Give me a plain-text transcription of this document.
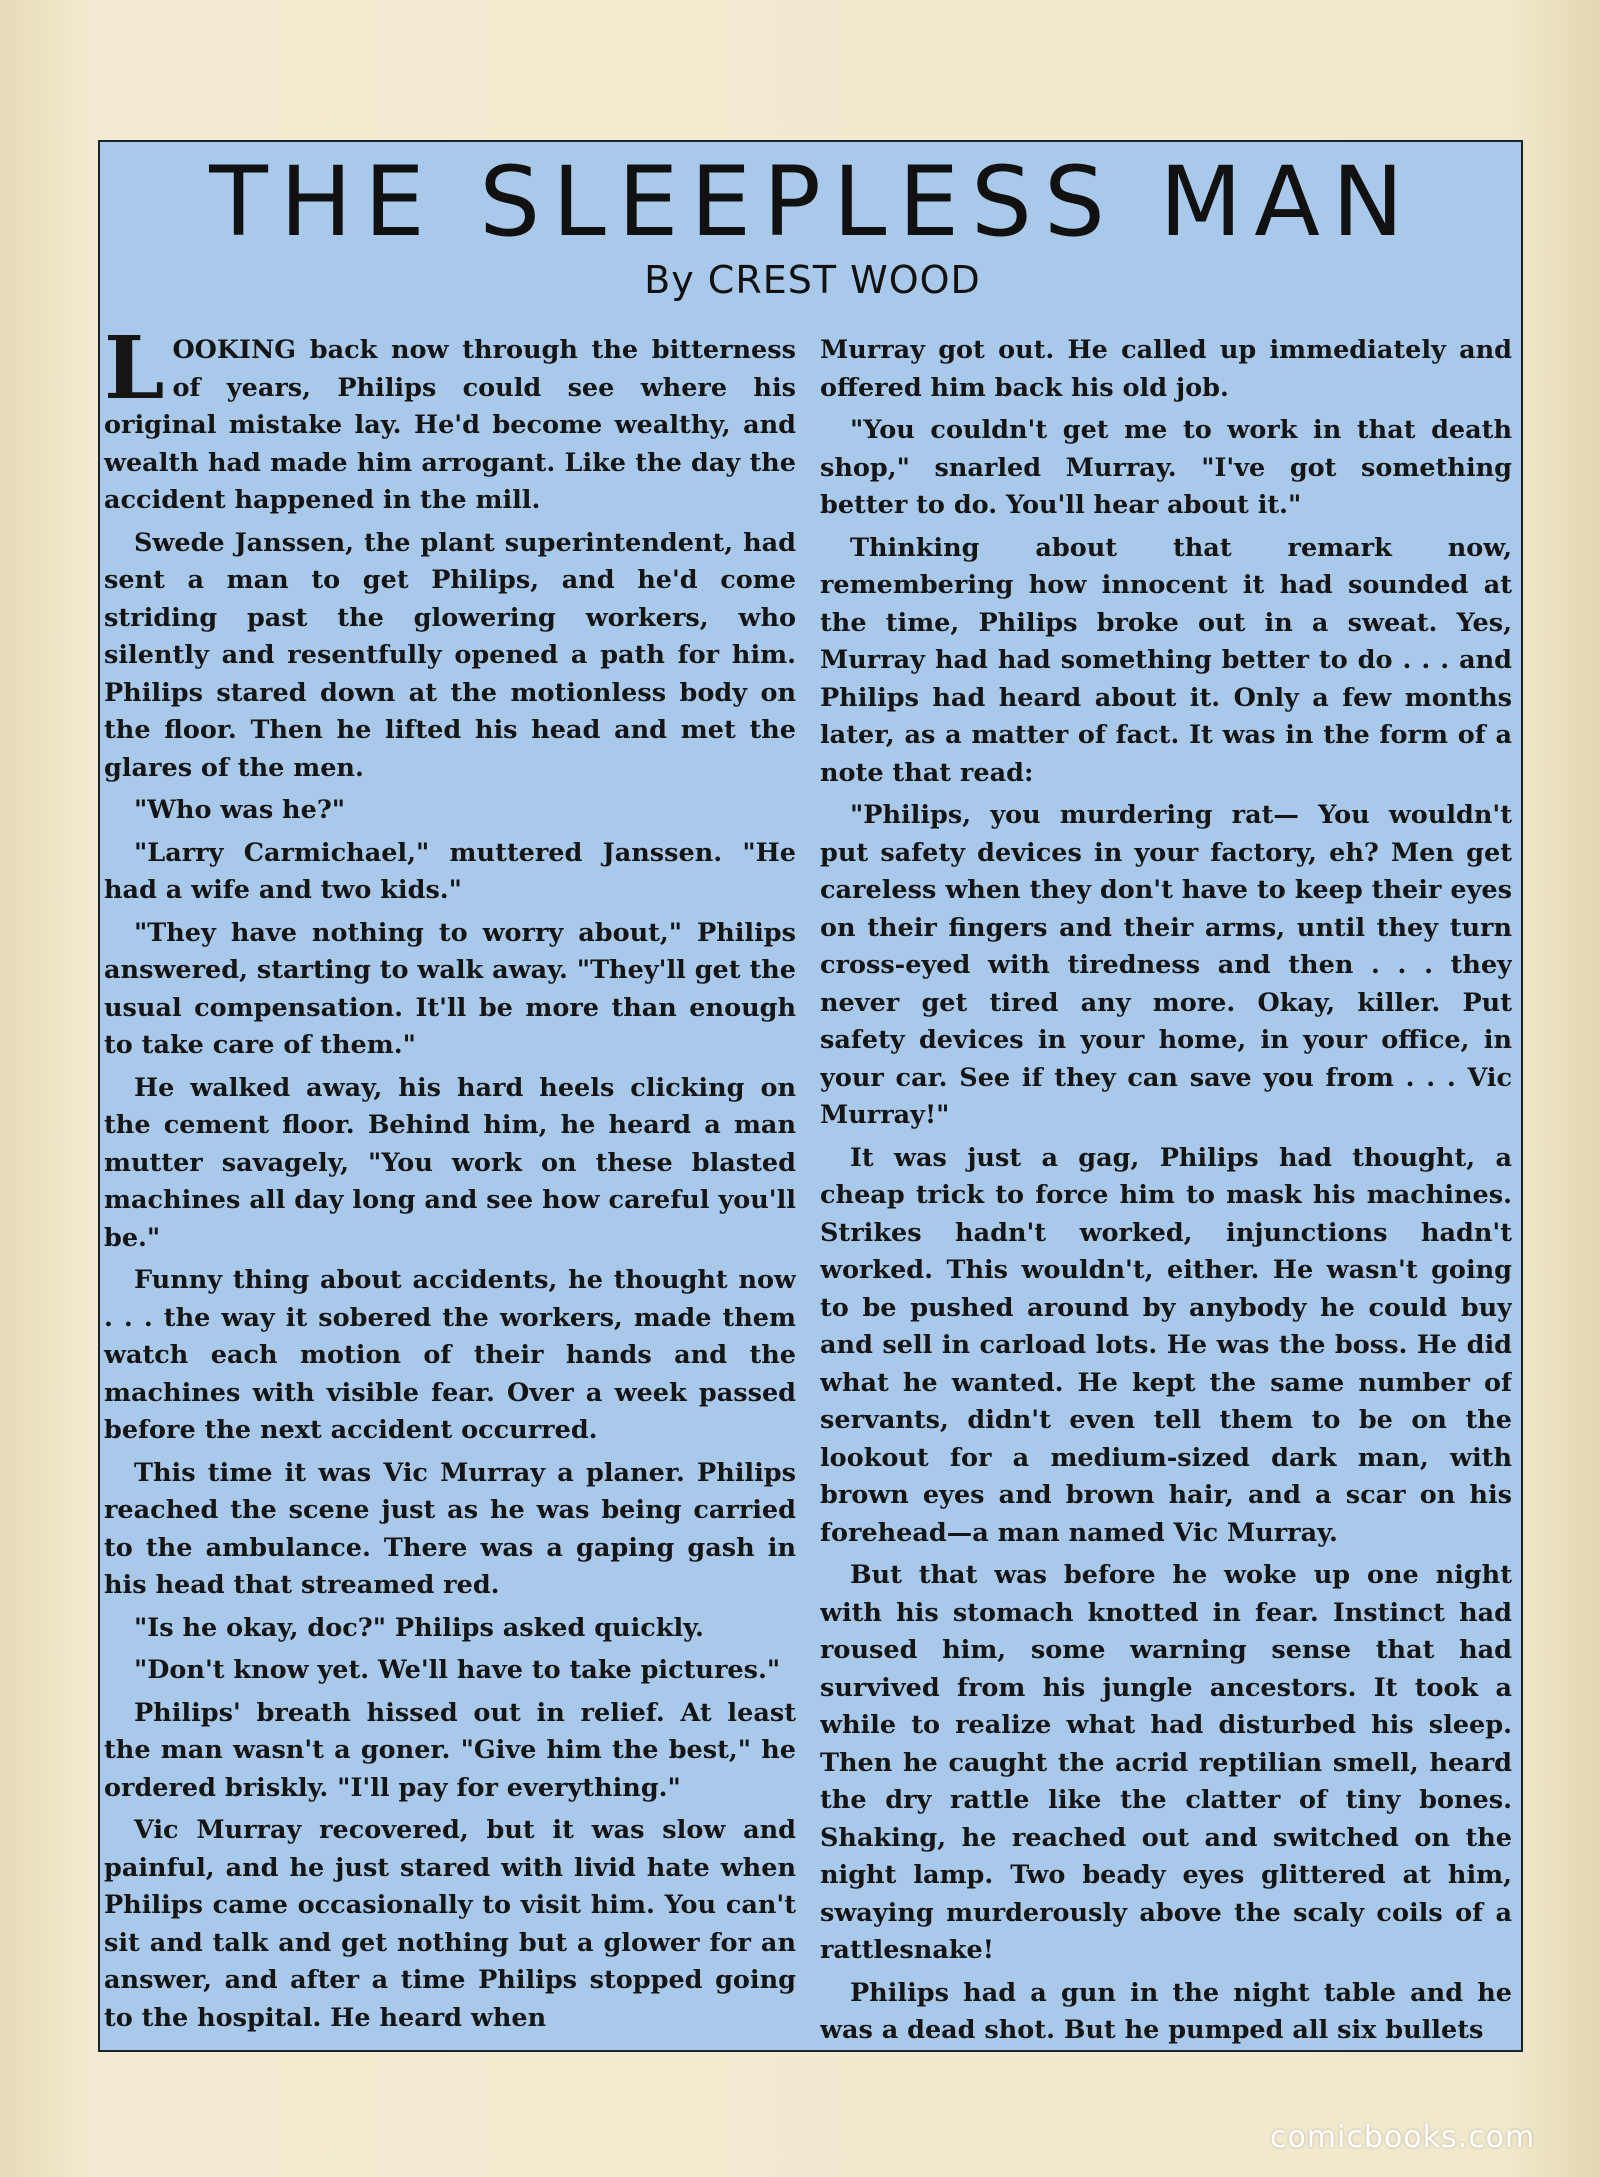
THE SLEEPLESS MAN
By CREST WOOD

LOOKING back now through the bitterness of years, Philips could see where his original mistake lay. He'd become wealthy, and wealth had made him arrogant. Like the day the accident happened in the mill.

Swede Janssen, the plant superintendent, had sent a man to get Philips, and he'd come striding past the glowering workers, who silently and resentfully opened a path for him. Philips stared down at the motionless body on the floor. Then he lifted his head and met the glares of the men.

"Who was he?"

"Larry Carmichael," muttered Janssen. "He had a wife and two kids."

"They have nothing to worry about," Philips answered, starting to walk away. "They'll get the usual compensation. It'll be more than enough to take care of them."

He walked away, his hard heels clicking on the cement floor. Behind him, he heard a man mutter savagely, "You work on these blasted machines all day long and see how careful you'll be."

Funny thing about accidents, he thought now . . . the way it sobered the workers, made them watch each motion of their hands and the machines with visible fear. Over a week passed before the next accident occurred.

This time it was Vic Murray a planer. Philips reached the scene just as he was being carried to the ambulance. There was a gaping gash in his head that streamed red.

"Is he okay, doc?" Philips asked quickly.

"Don't know yet. We'll have to take pictures."

Philips' breath hissed out in relief. At least the man wasn't a goner. "Give him the best," he ordered briskly. "I'll pay for everything."

Vic Murray recovered, but it was slow and painful, and he just stared with livid hate when Philips came occasionally to visit him. You can't sit and talk and get nothing but a glower for an answer, and after a time Philips stopped going to the hospital. He heard when

Murray got out. He called up immediately and offered him back his old job.

"You couldn't get me to work in that death shop," snarled Murray. "I've got something better to do. You'll hear about it."

Thinking about that remark now, remembering how innocent it had sounded at the time, Philips broke out in a sweat. Yes, Murray had had something better to do . . . and Philips had heard about it. Only a few months later, as a matter of fact. It was in the form of a note that read:

"Philips, you murdering rat— You wouldn't put safety devices in your factory, eh? Men get careless when they don't have to keep their eyes on their fingers and their arms, until they turn cross-eyed with tiredness and then . . . they never get tired any more. Okay, killer. Put safety devices in your home, in your office, in your car. See if they can save you from . . . Vic Murray!"

It was just a gag, Philips had thought, a cheap trick to force him to mask his machines. Strikes hadn't worked, injunctions hadn't worked. This wouldn't, either. He wasn't going to be pushed around by anybody he could buy and sell in carload lots. He was the boss. He did what he wanted. He kept the same number of servants, didn't even tell them to be on the lookout for a medium-sized dark man, with brown eyes and brown hair, and a scar on his forehead—a man named Vic Murray.

But that was before he woke up one night with his stomach knotted in fear. Instinct had roused him, some warning sense that had survived from his jungle ancestors. It took a while to realize what had disturbed his sleep. Then he caught the acrid reptilian smell, heard the dry rattle like the clatter of tiny bones. Shaking, he reached out and switched on the night lamp. Two beady eyes glittered at him, swaying murderously above the scaly coils of a rattlesnake!

Philips had a gun in the night table and he was a dead shot. But he pumped all six bullets

comicbooks.com
